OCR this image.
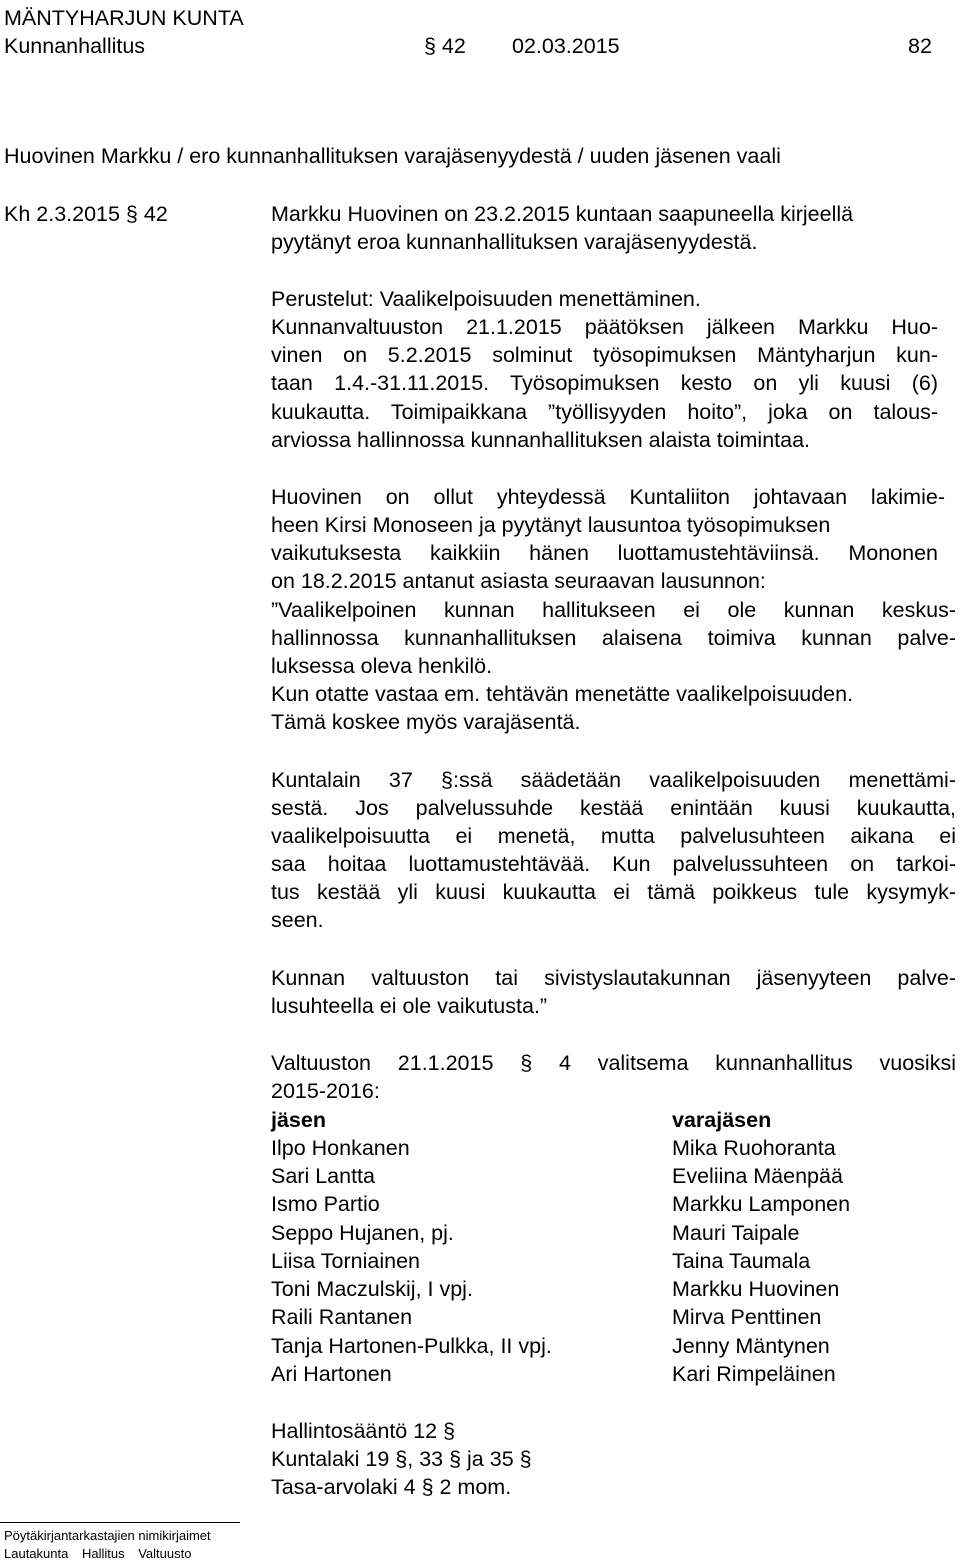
MÄNTYHARJUN KUNTA
Kunnanhallitus	§ 42 02.03.2015	82
Huovinen Markku / ero kunnanhallituksen varajäsenyydestä / uuden jäsenen vaali
Kh 2.3.2015 § 42	Markku Huovinen on 23.2.2015 kuntaan saapuneella kirjeellä
pyytänyt eroa kunnanhallituksen varajäsenyydestä.
Perustelut: Vaalikelpoisuuden menettäminen.
Kunnanvaltuuston 21.1.2015 päätöksen jälkeen Markku Huo-
vinen on 5.2.2015 solminut työsopimuksen Mäntyharjun kun-
taan 1.4.-31.11.2015. Työsopimuksen kesto on yli kuusi (6)
kuukautta. Toimipaikkana ”työllisyyden hoito”, joka on talous-
arviossa hallinnossa kunnanhallituksen alaista toimintaa.
Huovinen on ollut yhteydessä Kuntaliiton johtavaan lakimie-
heen Kirsi Monoseen ja pyytänyt lausuntoa työsopimuksen
vaikutuksesta kaikkiin hänen luottamustehtäviinsä. Mononen
on 18.2.2015 antanut asiasta seuraavan lausunnon:
”Vaalikelpoinen kunnan hallitukseen ei ole kunnan keskus-
hallinnossa kunnanhallituksen alaisena toimiva kunnan palve-
luksessa oleva henkilö.
Kun otatte vastaa em. tehtävän menetätte vaalikelpoisuuden.
Tämä koskee myös varajäsentä.
Kuntalain 37 §:ssä säädetään vaalikelpoisuuden menettämi-
sestä. Jos palvelussuhde kestää enintään kuusi kuukautta,
vaalikelpoisuutta ei menetä, mutta palvelusuhteen aikana ei
saa hoitaa luottamustehtävää. Kun palvelussuhteen on tarkoi-
tus kestää yli kuusi kuukautta ei tämä poikkeus tule kysymyk-
seen.
Kunnan valtuuston tai sivistyslautakunnan jäsenyyteen palve-
lusuhteella ei ole vaikutusta.”
Valtuuston 21.1.2015 § 4 valitsema kunnanhallitus vuosiksi
2015-2016:
jäsen	varajäsen
Ilpo Honkanen	Mika Ruohoranta
Sari Lantta	Eveliina Mäenpää
Ismo Partio	Markku Lamponen
Seppo Hujanen, pj.	Mauri Taipale
Liisa Torniainen	Taina Taumala
Toni Maczulskij, I vpj.	Markku Huovinen
Raili Rantanen	Mirva Penttinen
Tanja Hartonen-Pulkka, II vpj.	Jenny Mäntynen
Ari Hartonen	Kari Rimpeläinen
Hallintosääntö 12 §
Kuntalaki 19 §, 33 § ja 35 §
Tasa-arvolaki 4 § 2 mom.
Pöytäkirjantarkastajien nimikirjaimet
Lautakunta Hallitus Valtuusto
